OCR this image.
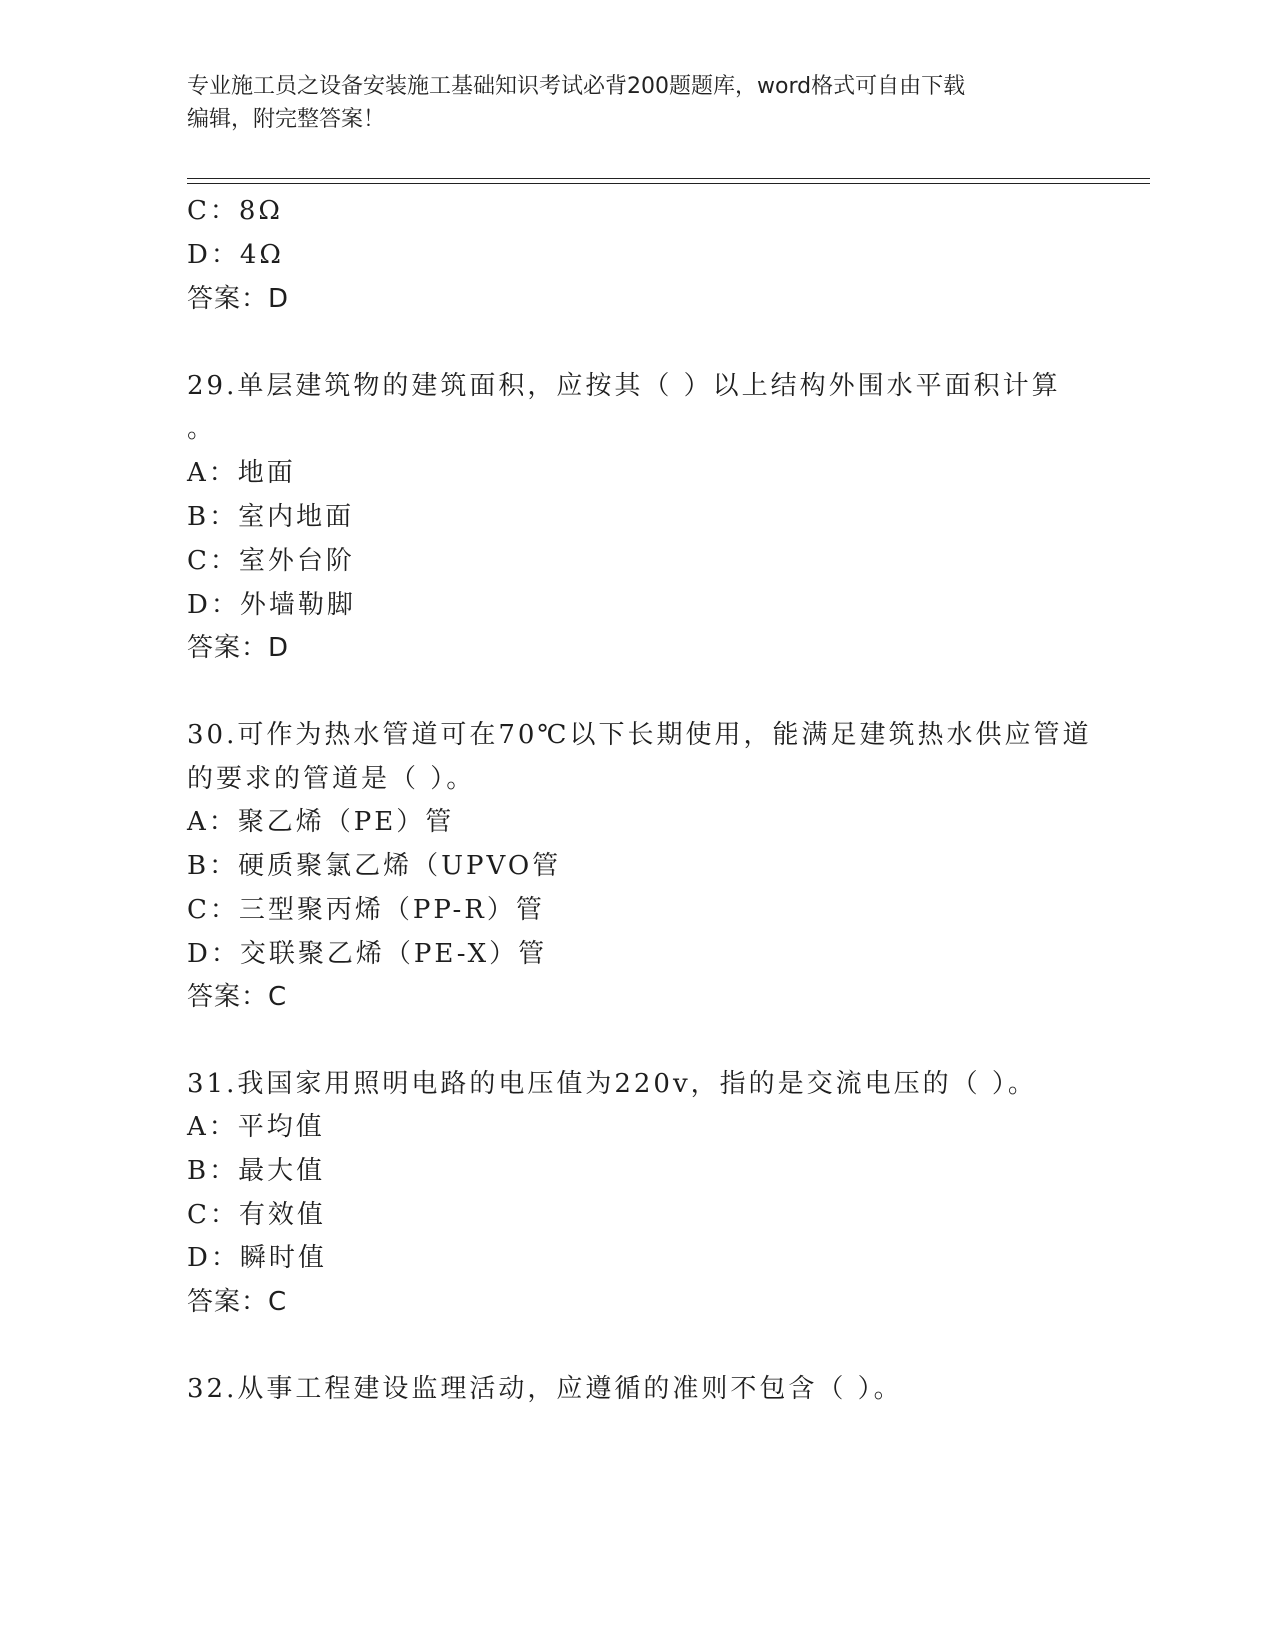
专业施工员之设备安装施工基础知识考试必背200题题库，word格式可自由下载
编辑，附完整答案！
C：8Ω
D：4Ω
答案：D
29.单层建筑物的建筑面积，应按其（ ）以上结构外围水平面积计算
。
A：地面
B：室内地面
C：室外台阶
D：外墙勒脚
答案：D
30.可作为热水管道可在70℃以下长期使用，能满足建筑热水供应管道
的要求的管道是（ ）。
A：聚乙烯（PE）管
B：硬质聚氯乙烯（UPVO管
C：三型聚丙烯（PP-R）管
D：交联聚乙烯（PE-X）管
答案：C
31.我国家用照明电路的电压值为220v，指的是交流电压的（ ）。
A：平均值
B：最大值
C：有效值
D：瞬时值
答案：C
32.从事工程建设监理活动，应遵循的准则不包含（ ）。
